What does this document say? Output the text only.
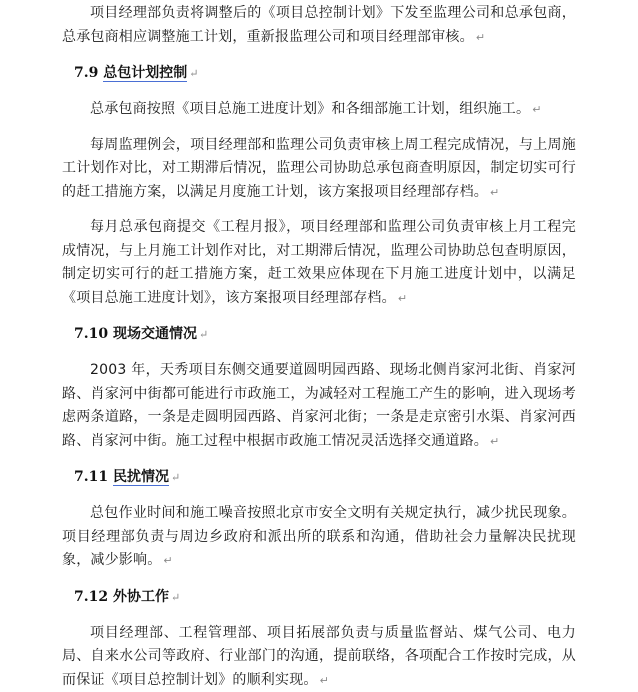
项目经理部负责将调整后的《项目总控制计划》下发至监理公司和总承包商，总承包商相应调整施工计划，重新报监理公司和项目经理部审核。 ↵

7.9 总包计划控制 ↵

总承包商按照《项目总施工进度计划》和各细部施工计划，组织施工。 ↵

每周监理例会，项目经理部和监理公司负责审核上周工程完成情况，与上周施工计划作对比，对工期滞后情况，监理公司协助总承包商查明原因，制定切实可行的赶工措施方案，以满足月度施工计划，该方案报项目经理部存档。 ↵

每月总承包商提交《工程月报》，项目经理部和监理公司负责审核上月工程完成情况，与上月施工计划作对比，对工期滞后情况，监理公司协助总包查明原因，制定切实可行的赶工措施方案，赶工效果应体现在下月施工进度计划中，以满足《项目总施工进度计划》，该方案报项目经理部存档。 ↵

7.10 现场交通情况 ↵

2003 年，天秀项目东侧交通要道圆明园西路、现场北侧肖家河北街、肖家河路、肖家河中街都可能进行市政施工，为减轻对工程施工产生的影响，进入现场考虑两条道路，一条是走圆明园西路、肖家河北街；一条是走京密引水渠、肖家河西路、肖家河中街。施工过程中根据市政施工情况灵活选择交通道路。 ↵

7.11 民扰情况 ↵

总包作业时间和施工噪音按照北京市安全文明有关规定执行，减少扰民现象。项目经理部负责与周边乡政府和派出所的联系和沟通，借助社会力量解决民扰现象，减少影响。 ↵

7.12 外协工作 ↵

项目经理部、工程管理部、项目拓展部负责与质量监督站、煤气公司、电力局、自来水公司等政府、行业部门的沟通，提前联络，各项配合工作按时完成，从而保证《项目总控制计划》的顺利实现。 ↵
